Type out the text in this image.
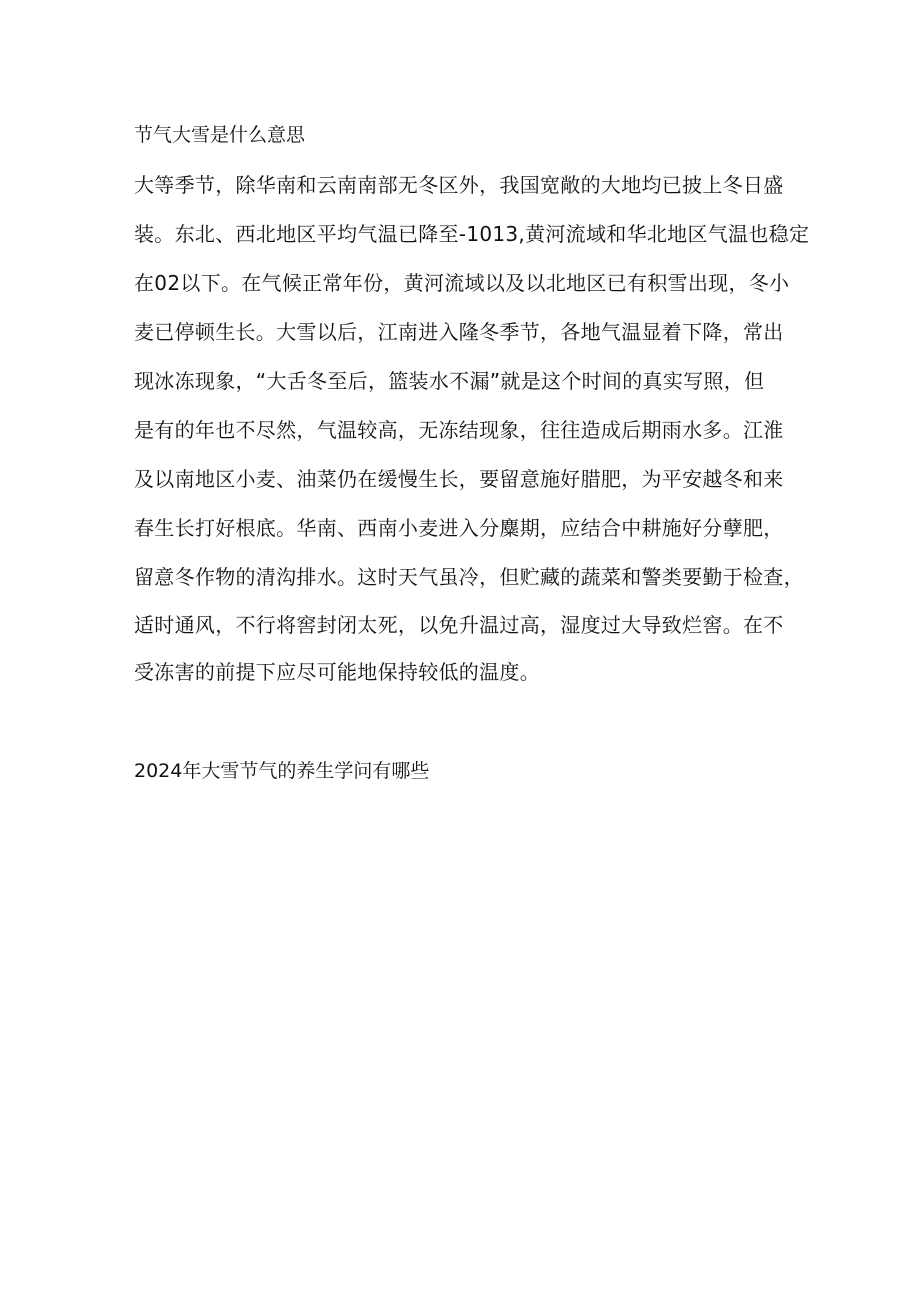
节气大雪是什么意思
大等季节，除华南和云南南部无冬区外，我国宽敞的大地均已披上冬日盛
装。东北、西北地区平均气温已降至-1013,黄河流域和华北地区气温也稳定
在02以下。在气候正常年份，黄河流域以及以北地区已有积雪出现，冬小
麦已停顿生长。大雪以后，江南进入隆冬季节，各地气温显着下降，常出
现冰冻现象，“大舌冬至后，篮装水不漏”就是这个时间的真实写照，但
是有的年也不尽然，气温较高，无冻结现象，往往造成后期雨水多。江淮
及以南地区小麦、油菜仍在缓慢生长，要留意施好腊肥，为平安越冬和来
春生长打好根底。华南、西南小麦进入分麋期，应结合中耕施好分孽肥，
留意冬作物的清沟排水。这时天气虽冷，但贮藏的蔬菜和警类要勤于检查，
适时通风，不行将窖封闭太死，以免升温过高，湿度过大导致烂窖。在不
受冻害的前提下应尽可能地保持较低的温度。
2024年大雪节气的养生学问有哪些
